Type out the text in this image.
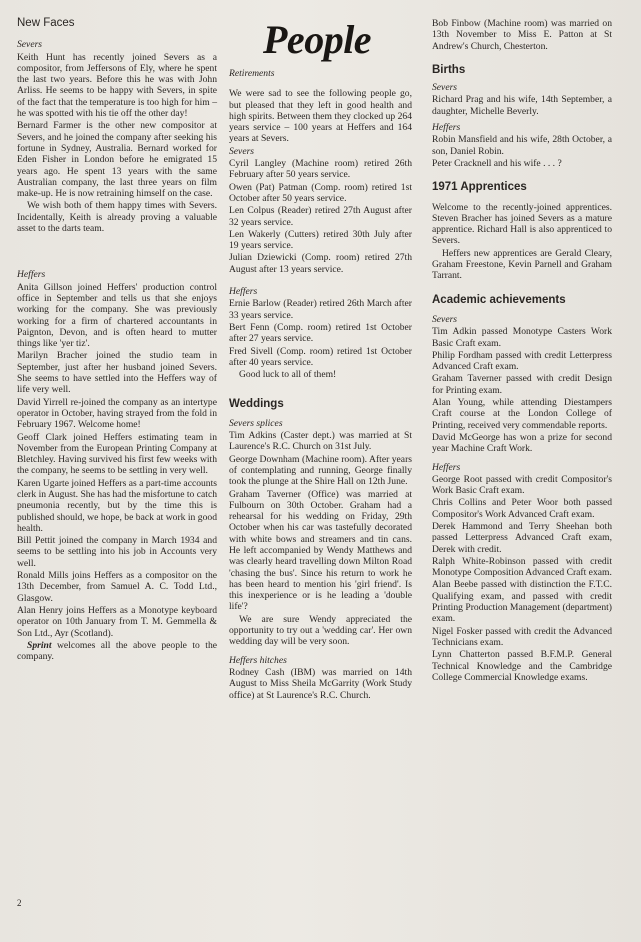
New Faces
Severs

Keith Hunt has recently joined Severs as a compositor, from Jeffersons of Ely, where he spent the last two years. Before this he was with John Arliss. He seems to be happy with Severs, in spite of the fact that the temperature is too high for him – he was spotted with his tie off the other day!

Bernard Farmer is the other new compositor at Severs, and he joined the company after seeking his fortune in Sydney, Australia. Bernard worked for Eden Fisher in London before he emigrated 15 years ago. He spent 13 years with the same Australian company, the last three years on film make-up. He is now retraining himself on the case.

We wish both of them happy times with Severs. Incidentally, Keith is already proving a valuable asset to the darts team.

Heffers

Anita Gillson joined Heffers' production control office in September and tells us that she enjoys working for the company. She was previously working for a firm of chartered accountants in Paignton, Devon, and is often heard to mutter things like 'yer tiz'.

Marilyn Bracher joined the studio team in September, just after her husband joined Severs. She seems to have settled into the Heffers way of life very well.

David Yirrell re-joined the company as an intertype operator in October, having strayed from the fold in February 1967. Welcome home!

Geoff Clark joined Heffers estimating team in November from the European Printing Company at Bletchley. Having survived his first few weeks with the company, he seems to be settling in very well.

Karen Ugarte joined Heffers as a part-time accounts clerk in August. She has had the misfortune to catch pneumonia recently, but by the time this is published should, we hope, be back at work in good health.

Bill Pettit joined the company in March 1934 and seems to be settling into his job in Accounts very well.

Ronald Mills joins Heffers as a compositor on the 13th December, from Samuel A. C. Todd Ltd., Glasgow.

Alan Henry joins Heffers as a Monotype keyboard operator on 10th January from T. M. Gemmella & Son Ltd., Ayr (Scotland).

Sprint welcomes all the above people to the company.

2
People
Retirements

We were sad to see the following people go, but pleased that they left in good health and high spirits. Between them they clocked up 264 years service – 100 years at Heffers and 164 years at Severs.

Severs

Cyril Langley (Machine room) retired 26th February after 50 years service.

Owen (Pat) Patman (Comp. room) retired 1st October after 50 years service.

Len Colpus (Reader) retired 27th August after 32 years service.

Len Wakerly (Cutters) retired 30th July after 19 years service.

Julian Dziewicki (Comp. room) retired 27th August after 13 years service.

Heffers

Ernie Barlow (Reader) retired 26th March after 33 years service.

Bert Fenn (Comp. room) retired 1st October after 27 years service.

Fred Sivell (Comp. room) retired 1st October after 40 years service.

Good luck to all of them!

Weddings
Severs splices

Tim Adkins (Caster dept.) was married at St Laurence's R.C. Church on 31st July.

George Downham (Machine room). After years of contemplating and running, George finally took the plunge at the Shire Hall on 12th June.

Graham Taverner (Office) was married at Fulbourn on 30th October. Graham had a rehearsal for his wedding on Friday, 29th October when his car was tastefully decorated with white bows and streamers and tin cans. He left accompanied by Wendy Matthews and was clearly heard travelling down Milton Road 'chasing the bus'. Since his return to work he has been heard to mention his 'girl friend'. Is this inexperience or is he leading a 'double life'?

We are sure Wendy appreciated the opportunity to try out a 'wedding car'. Her own wedding day will be very soon.

Heffers hitches

Rodney Cash (IBM) was married on 14th August to Miss Sheila McGarrity (Work Study office) at St Laurence's R.C. Church.

Bob Finbow (Machine room) was married on 13th November to Miss E. Patton at St Andrew's Church, Chesterton.

Births
Severs

Richard Prag and his wife, 14th September, a daughter, Michelle Beverly.

Heffers

Robin Mansfield and his wife, 28th October, a son, Daniel Robin.

Peter Cracknell and his wife . . . ?

1971 Apprentices

Welcome to the recently-joined apprentices. Steven Bracher has joined Severs as a mature apprentice. Richard Hall is also apprenticed to Severs.

Heffers new apprentices are Gerald Cleary, Graham Freestone, Kevin Parnell and Graham Tarrant.

Academic achievements
Severs

Tim Adkin passed Monotype Casters Work Basic Craft exam.

Philip Fordham passed with credit Letterpress Advanced Craft exam.

Graham Taverner passed with credit Design for Printing exam.

Alan Young, while attending Diestampers Craft course at the London College of Printing, received very commendable reports.

David McGeorge has won a prize for second year Machine Craft Work.

Heffers

George Root passed with credit Compositor's Work Basic Craft exam.

Chris Collins and Peter Woor both passed Compositor's Work Advanced Craft exam.

Derek Hammond and Terry Sheehan both passed Letterpress Advanced Craft exam, Derek with credit.

Ralph White-Robinson passed with credit Monotype Composition Advanced Craft exam.

Alan Beebe passed with distinction the F.T.C. Qualifying exam, and passed with credit Printing Production Management (department) exam.

Nigel Fosker passed with credit the Advanced Technicians exam.

Lynn Chatterton passed B.F.M.P. General Technical Knowledge and the Cambridge College Commercial Knowledge exams.
